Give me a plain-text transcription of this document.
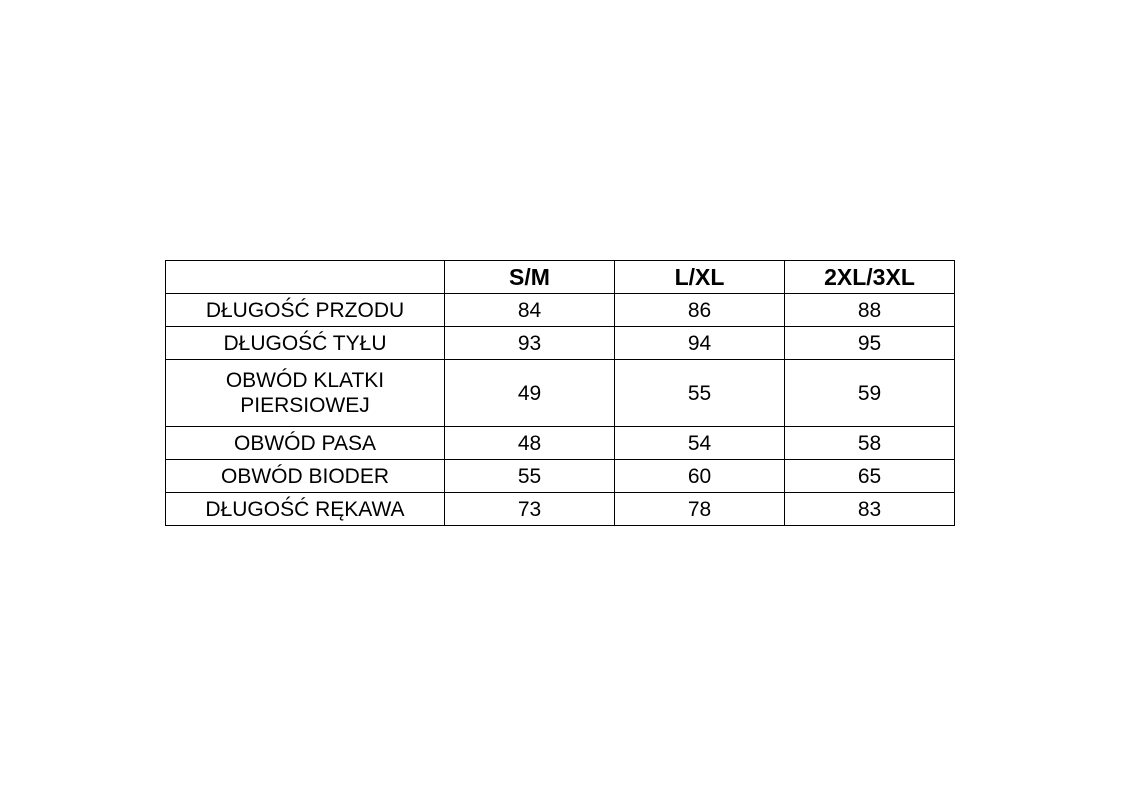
	S/M	L/XL	2XL/3XL
DŁUGOŚĆ PRZODU	84	86	88
DŁUGOŚĆ TYŁU	93	94	95

OBWÓD KLATKI
PIERSIOWEJ	49	55	59
OBWÓD PASA	48	54	58
OBWÓD BIODER	55	60	65
DŁUGOŚĆ RĘKAWA	73	78	83
